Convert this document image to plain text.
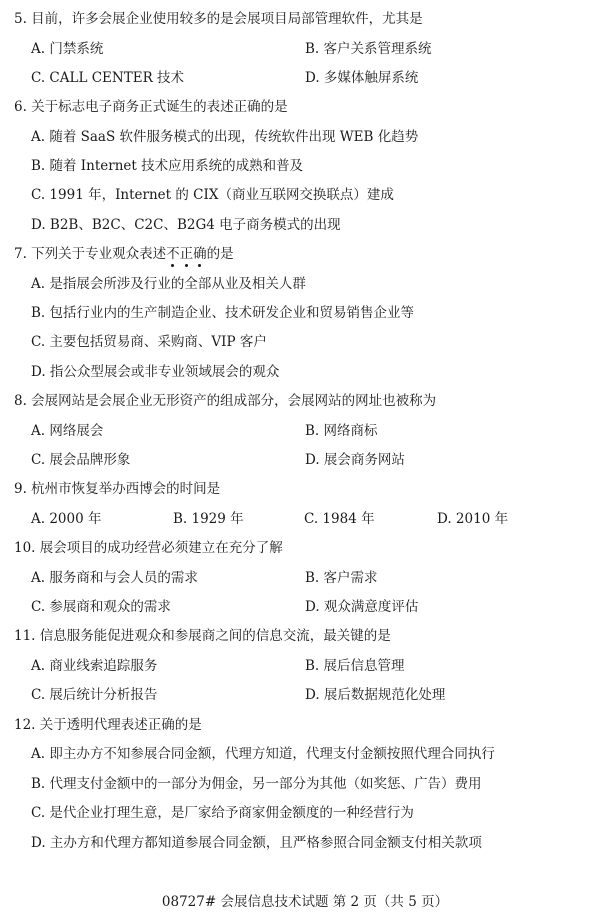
5. 目前，许多会展企业使用较多的是会展项目局部管理软件，尤其是
A. 门禁系统	B. 客户关系管理系统
C. CALL CENTER 技术	D. 多媒体触屏系统
6. 关于标志电子商务正式诞生的表述正确的是
A. 随着 SaaS 软件服务模式的出现，传统软件出现 WEB 化趋势
B. 随着 Internet 技术应用系统的成熟和普及
C. 1991 年，Internet 的 CIX（商业互联网交换联点）建成
D. B2B、B2C、C2C、B2G4 电子商务模式的出现
7. 下列关于专业观众表述不正确的是
A. 是指展会所涉及行业的全部从业及相关人群
B. 包括行业内的生产制造企业、技术研发企业和贸易销售企业等
C. 主要包括贸易商、采购商、VIP 客户
D. 指公众型展会或非专业领域展会的观众
8. 会展网站是会展企业无形资产的组成部分，会展网站的网址也被称为
A. 网络展会	B. 网络商标
C. 展会品牌形象	D. 展会商务网站
9. 杭州市恢复举办西博会的时间是
A. 2000 年	B. 1929 年	C. 1984 年	D. 2010 年
10. 展会项目的成功经营必须建立在充分了解
A. 服务商和与会人员的需求	B. 客户需求
C. 参展商和观众的需求	D. 观众满意度评估
11. 信息服务能促进观众和参展商之间的信息交流，最关键的是
A. 商业线索追踪服务	B. 展后信息管理
C. 展后统计分析报告	D. 展后数据规范化处理
12. 关于透明代理表述正确的是
A. 即主办方不知参展合同金额，代理方知道，代理支付金额按照代理合同执行
B. 代理支付金额中的一部分为佣金，另一部分为其他（如奖惩、广告）费用
C. 是代企业打理生意，是厂家给予商家佣金额度的一种经营行为
D. 主办方和代理方都知道参展合同金额，且严格参照合同金额支付相关款项
08727# 会展信息技术试题 第 2 页（共 5 页）
